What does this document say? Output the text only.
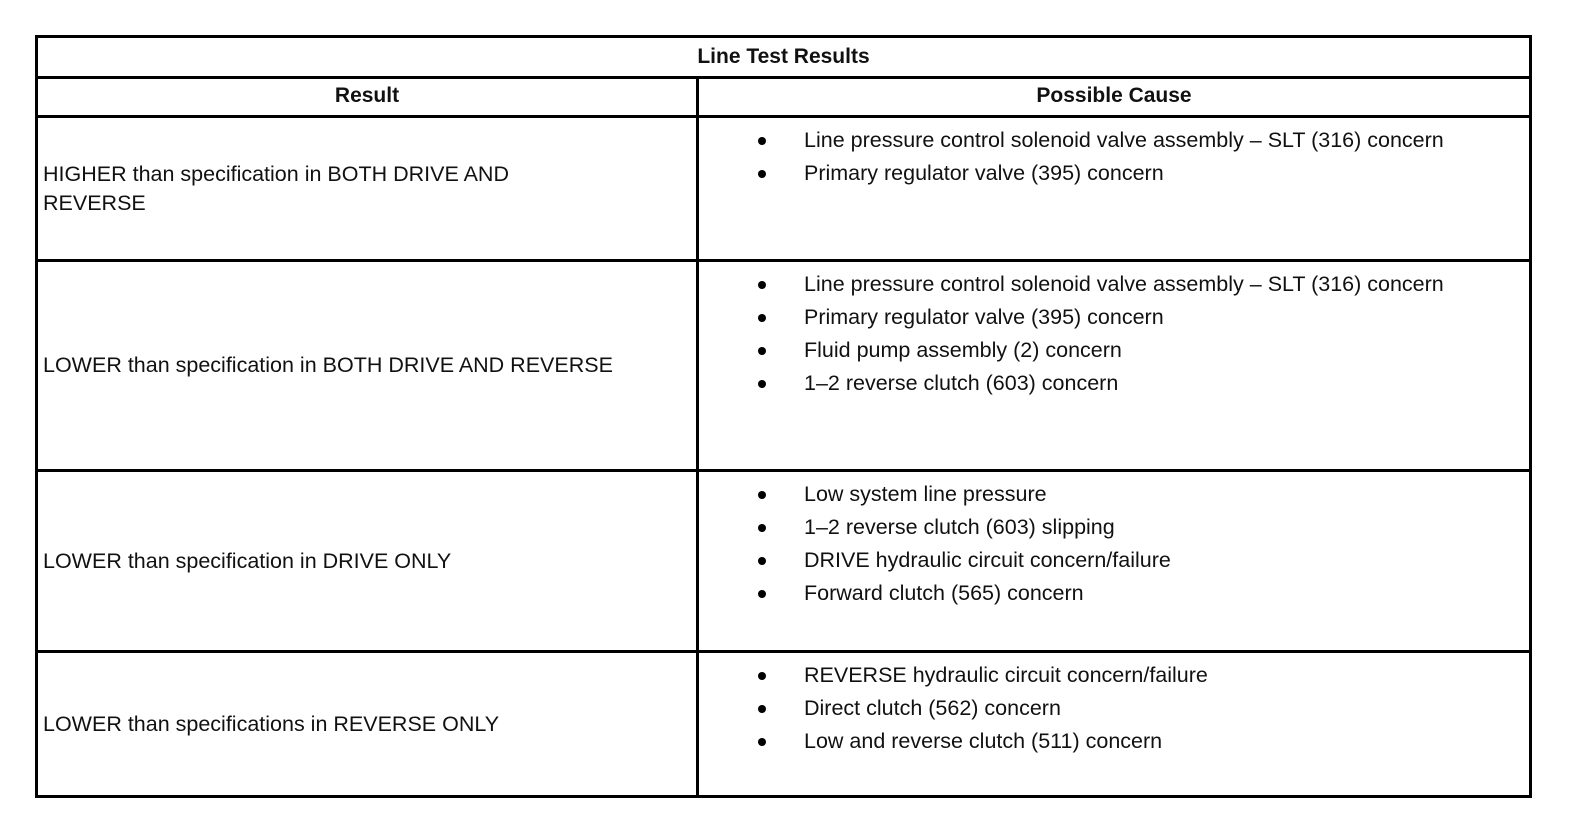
Line Test Results
Result	Possible Cause
HIGHER than specification in BOTH DRIVE AND REVERSE
Line pressure control solenoid valve assembly – SLT (316) concern
Primary regulator valve (395) concern
LOWER than specification in BOTH DRIVE AND REVERSE
Line pressure control solenoid valve assembly – SLT (316) concern
Primary regulator valve (395) concern
Fluid pump assembly (2) concern
1–2 reverse clutch (603) concern
LOWER than specification in DRIVE ONLY
Low system line pressure
1–2 reverse clutch (603) slipping
DRIVE hydraulic circuit concern/failure
Forward clutch (565) concern
LOWER than specifications in REVERSE ONLY
REVERSE hydraulic circuit concern/failure
Direct clutch (562) concern
Low and reverse clutch (511) concern
